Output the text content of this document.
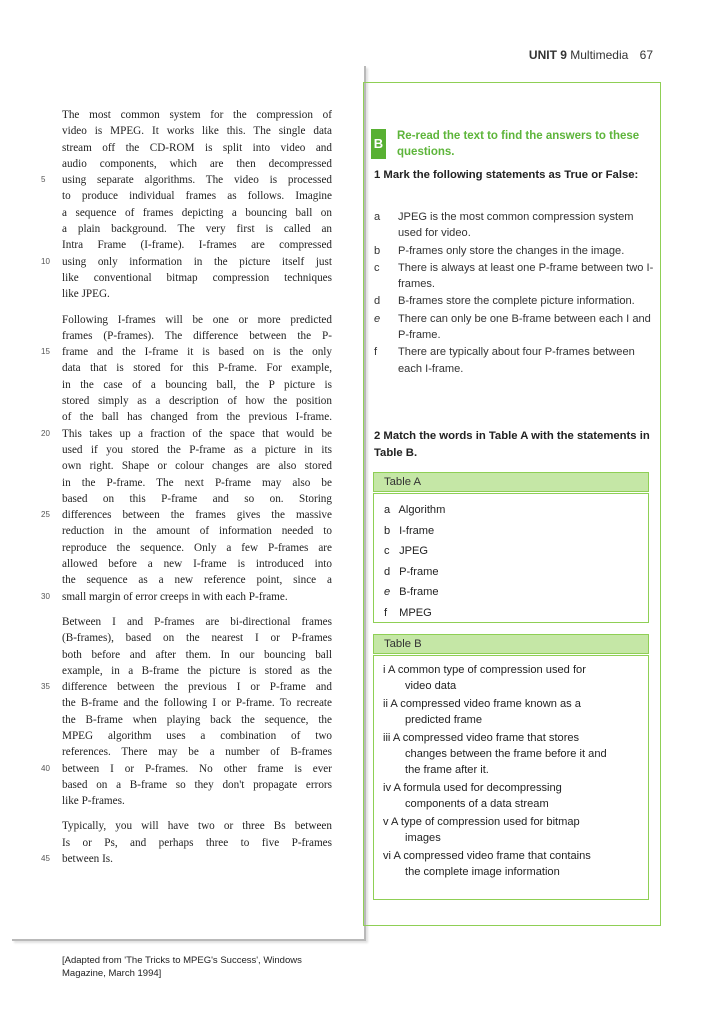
UNIT 9 Multimedia 67
The most common system for the compression of
video is MPEG. It works like this. The single data
stream off the CD-ROM is split into video and
audio components, which are then decompressed
using separate algorithms. The video is processed
5
to produce individual frames as follows. Imagine
a sequence of frames depicting a bouncing ball on
a plain background. The very first is called an
Intra Frame (I-frame). I-frames are compressed
using only information in the picture itself just
10
like conventional bitmap compression techniques
like JPEG.
Following I-frames will be one or more predicted
frames (P-frames). The difference between the P-
frame and the I-frame it is based on is the only
15
data that is stored for this P-frame. For example,
in the case of a bouncing ball, the P picture is
stored simply as a description of how the position
of the ball has changed from the previous I-frame.
This takes up a fraction of the space that would be
20
used if you stored the P-frame as a picture in its
own right. Shape or colour changes are also stored
in the P-frame. The next P-frame may also be
based on this P-frame and so on. Storing
differences between the frames gives the massive
25
reduction in the amount of information needed to
reproduce the sequence. Only a few P-frames are
allowed before a new I-frame is introduced into
the sequence as a new reference point, since a
small margin of error creeps in with each P-frame.
30
Between I and P-frames are bi-directional frames
(B-frames), based on the nearest I or P-frames
both before and after them. In our bouncing ball
example, in a B-frame the picture is stored as the
difference between the previous I or P-frame and
35
the B-frame and the following I or P-frame. To recreate
the B-frame when playing back the sequence, the
MPEG algorithm uses a combination of two
references. There may be a number of B-frames
between I or P-frames. No other frame is ever
40
based on a B-frame so they don't propagate errors
like P-frames.
Typically, you will have two or three Bs between
Is or Ps, and perhaps three to five P-frames
between Is.
45
[Adapted from 'The Tricks to MPEG's Success', Windows
Magazine, March 1994]
B Re-read the text to find the answers to these questions.
1 Mark the following statements as True or False:
a	JPEG is the most common compression system used for video.
b	P-frames only store the changes in the image.
c	There is always at least one P-frame between two I-frames.
d	B-frames store the complete picture information.
e	There can only be one B-frame between each I and P-frame.
f	There are typically about four P-frames between each I-frame.
2 Match the words in Table A with the statements in Table B.
Table A
a Algorithm
b I-frame
c JPEG
d P-frame
e B-frame
f MPEG
Table B
i A common type of compression used for
video data
ii A compressed video frame known as a
predicted frame
iii A compressed video frame that stores
changes between the frame before it and
the frame after it.
iv A formula used for decompressing
components of a data stream
v A type of compression used for bitmap
images
vi A compressed video frame that contains
the complete image information
